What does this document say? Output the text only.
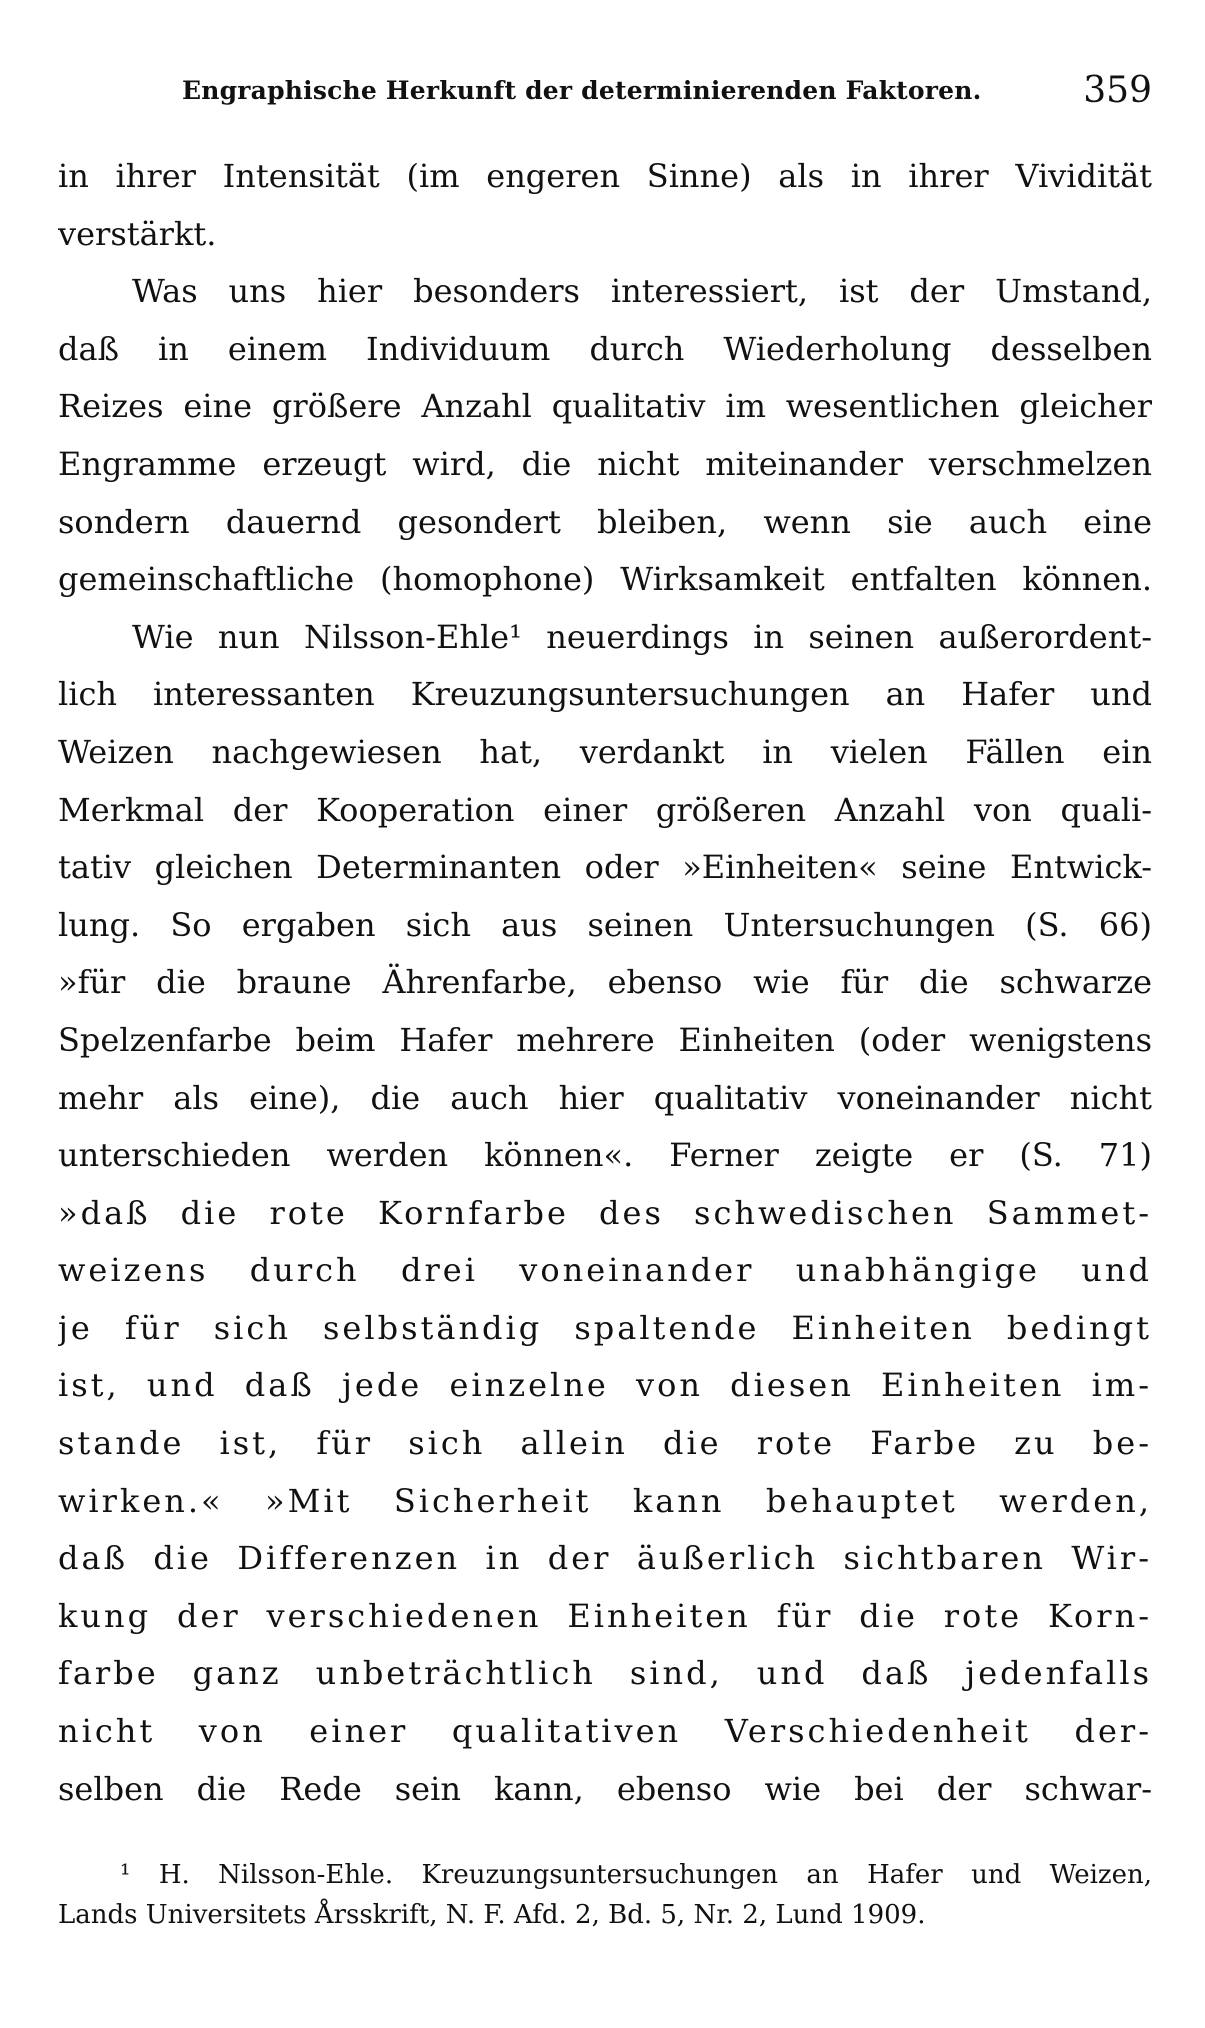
Engraphische Herkunft der determinierenden Faktoren.	359
in ihrer Intensität (im engeren Sinne) als in ihrer Vividität
verstärkt.
Was uns hier besonders interessiert, ist der Umstand,
daß in einem Individuum durch Wiederholung desselben
Reizes eine größere Anzahl qualitativ im wesentlichen gleicher
Engramme erzeugt wird, die nicht miteinander verschmelzen
sondern dauernd gesondert bleiben, wenn sie auch eine
gemeinschaftliche (homophone) Wirksamkeit entfalten können.
Wie nun Nilsson-Ehle¹ neuerdings in seinen außerordent-
lich interessanten Kreuzungsuntersuchungen an Hafer und
Weizen nachgewiesen hat, verdankt in vielen Fällen ein
Merkmal der Kooperation einer größeren Anzahl von quali-
tativ gleichen Determinanten oder »Einheiten« seine Entwick-
lung. So ergaben sich aus seinen Untersuchungen (S. 66)
»für die braune Ährenfarbe, ebenso wie für die schwarze
Spelzenfarbe beim Hafer mehrere Einheiten (oder wenigstens
mehr als eine), die auch hier qualitativ voneinander nicht
unterschieden werden können«. Ferner zeigte er (S. 71)
»daß die rote Kornfarbe des schwedischen Sammet-
weizens durch drei voneinander unabhängige und
je für sich selbständig spaltende Einheiten bedingt
ist, und daß jede einzelne von diesen Einheiten im-
stande ist, für sich allein die rote Farbe zu be-
wirken.« »Mit Sicherheit kann behauptet werden,
daß die Differenzen in der äußerlich sichtbaren Wir-
kung der verschiedenen Einheiten für die rote Korn-
farbe ganz unbeträchtlich sind, und daß jedenfalls
nicht von einer qualitativen Verschiedenheit der-
selben die Rede sein kann, ebenso wie bei der schwar-
¹ H. Nilsson-Ehle. Kreuzungsuntersuchungen an Hafer und Weizen,
Lands Universitets Årsskrift, N. F. Afd. 2, Bd. 5, Nr. 2, Lund 1909.
